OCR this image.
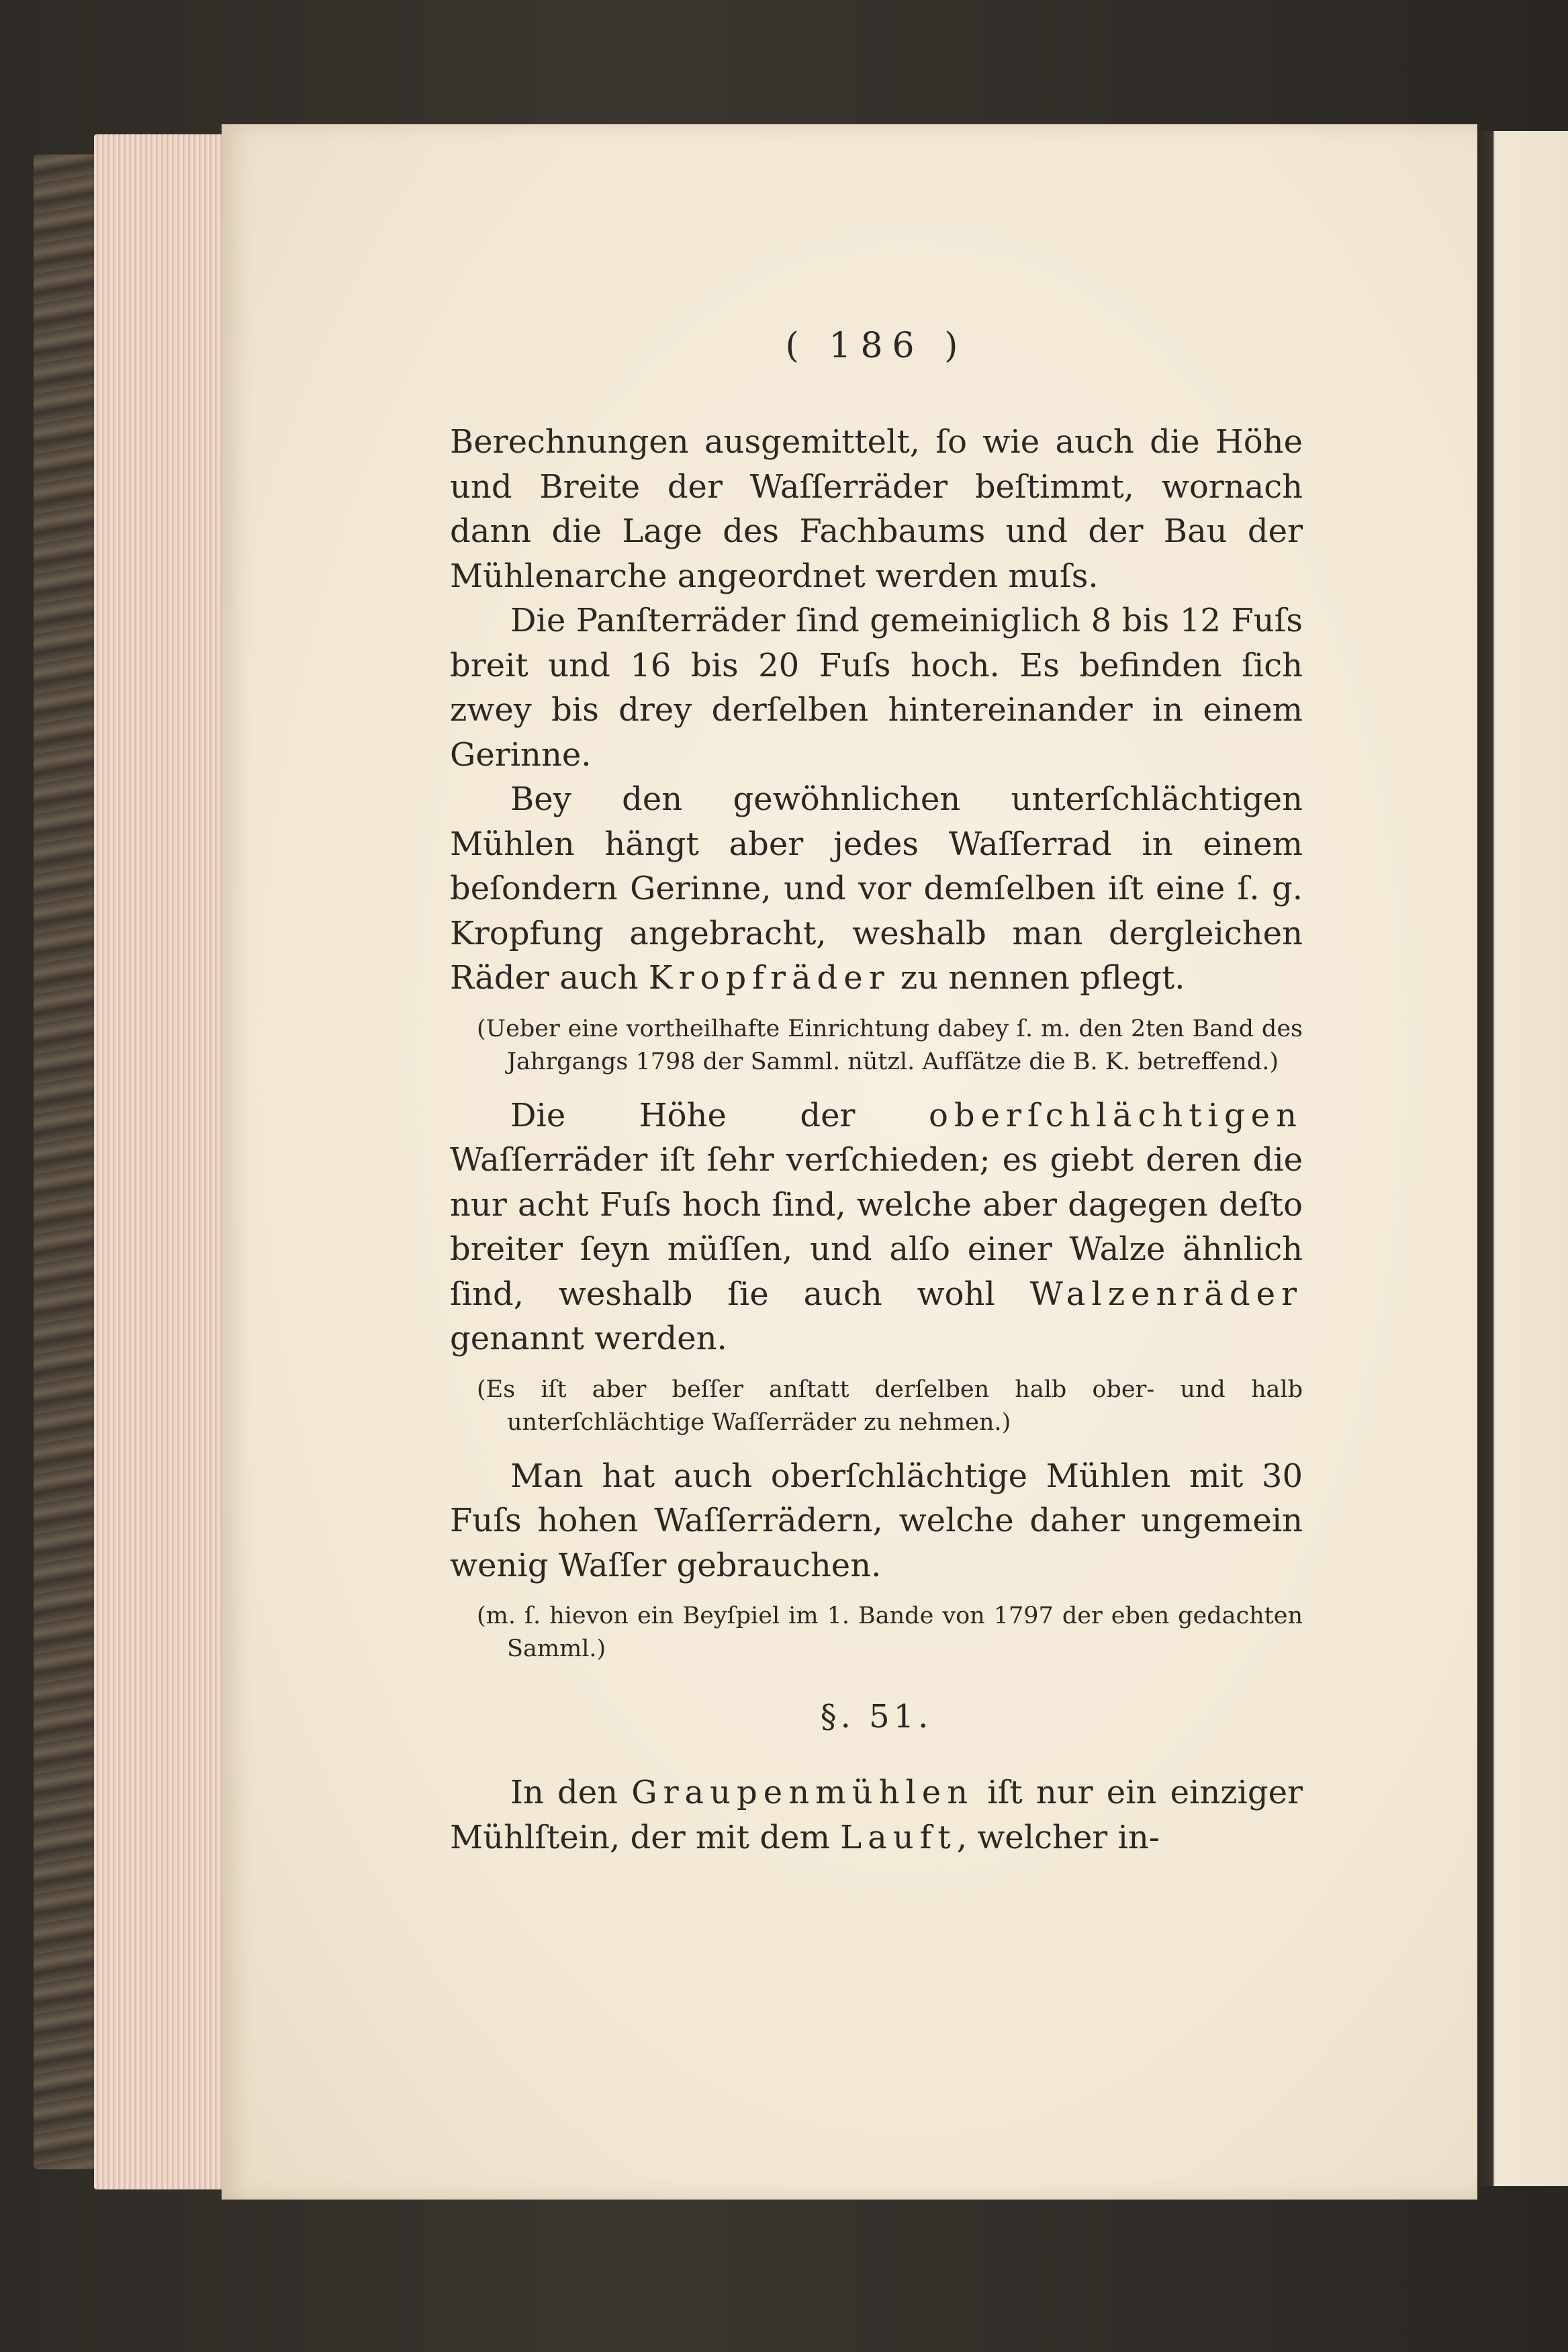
( 186 )

Berechnungen ausgemittelt, ſo wie auch die Höhe und Breite der Waſſerräder beſtimmt, wornach dann die Lage des Fachbaums und der Bau der Mühlenarche angeordnet werden muſs.

Die Panſterräder ſind gemeiniglich 8 bis 12 Fuſs breit und 16 bis 20 Fuſs hoch. Es befinden ſich zwey bis drey derſelben hintereinander in einem Gerinne.

Bey den gewöhnlichen unterſchlächtigen Mühlen hängt aber jedes Waſſerrad in einem beſondern Gerinne, und vor demſelben iſt eine ſ. g. Kropfung angebracht, weshalb man dergleichen Räder auch Kropfräder zu nennen pflegt.

(Ueber eine vortheilhafte Einrichtung dabey ſ. m. den 2ten Band des Jahrgangs 1798 der Samml. nützl. Aufſätze die B. K. betreffend.)

Die Höhe der oberſchlächtigen Waſſerräder iſt ſehr verſchieden; es giebt deren die nur acht Fuſs hoch ſind, welche aber dagegen deſto breiter ſeyn müſſen, und alſo einer Walze ähnlich ſind, weshalb ſie auch wohl Walzenräder genannt werden.

(Es iſt aber beſſer anſtatt derſelben halb ober- und halb unterſchlächtige Waſſerräder zu nehmen.)

Man hat auch oberſchlächtige Mühlen mit 30 Fuſs hohen Waſſerrädern, welche daher ungemein wenig Waſſer gebrauchen.

(m. ſ. hievon ein Beyſpiel im 1. Bande von 1797 der eben gedachten Samml.)

§. 51.

In den Graupenmühlen iſt nur ein einziger Mühlſtein, der mit dem Lauft, welcher in-
